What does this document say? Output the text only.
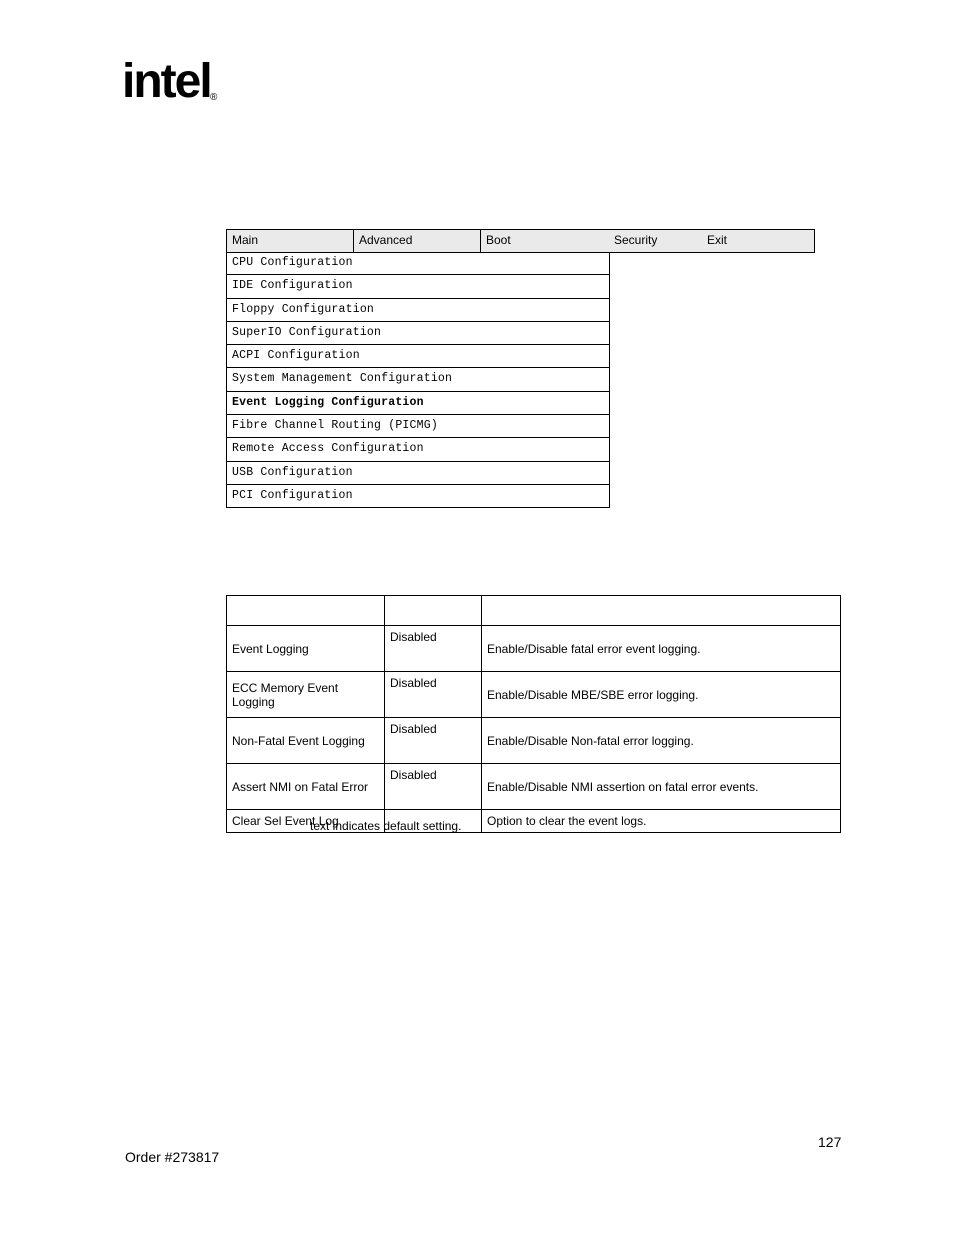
intel ®
Main	Advanced	Boot	Security	Exit
CPU Configuration
IDE Configuration
Floppy Configuration
SuperIO Configuration
ACPI Configuration
System Management Configuration
Event Logging Configuration
Fibre Channel Routing (PICMG)
Remote Access Configuration
USB Configuration
PCI Configuration

Event Logging	Disabled	Enable/Disable fatal error event logging.
ECC Memory Event Logging	Disabled	Enable/Disable MBE/SBE error logging.
Non-Fatal Event Logging	Disabled	Enable/Disable Non-fatal error logging.
Assert NMI on Fatal Error	Disabled	Enable/Disable NMI assertion on fatal error events.
Clear Sel Event Log		Option to clear the event logs.
text indicates default setting.
127
Order #273817
